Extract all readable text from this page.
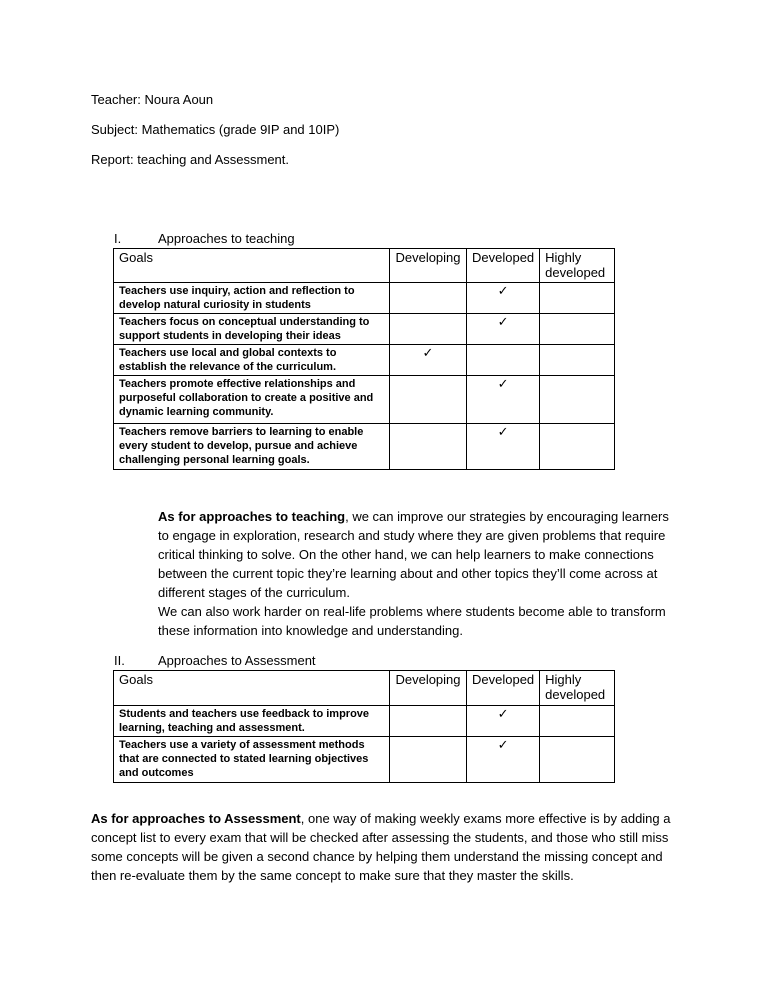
Teacher: Noura Aoun
Subject: Mathematics (grade 9IP and 10IP)
Report: teaching and Assessment.
I.	Approaches to teaching
Goals	Developing	Developed	Highly developed
Teachers use inquiry, action and reflection to develop natural curiosity in students		✓	
Teachers focus on conceptual understanding to support students in developing their ideas		✓	
Teachers use local and global contexts to establish the relevance of the curriculum.	✓		
Teachers promote effective relationships and purposeful collaboration to create a positive and dynamic learning community.		✓	
Teachers remove barriers to learning to enable every student to develop, pursue and achieve challenging personal learning goals.		✓	
As for approaches to teaching, we can improve our strategies by encouraging learners to engage in exploration, research and study where they are given problems that require critical thinking to solve. On the other hand, we can help learners to make connections between the current topic they’re learning about and other topics they’ll come across at different stages of the curriculum.
We can also work harder on real-life problems where students become able to transform these information into knowledge and understanding.
II.	Approaches to Assessment
Goals	Developing	Developed	Highly developed
Students and teachers use feedback to improve learning, teaching and assessment.		✓	
Teachers use a variety of assessment methods that are connected to stated learning objectives and outcomes		✓	
As for approaches to Assessment, one way of making weekly exams more effective is by adding a concept list to every exam that will be checked after assessing the students, and those who still miss some concepts will be given a second chance by helping them understand the missing concept and then re-evaluate them by the same concept to make sure that they master the skills.
